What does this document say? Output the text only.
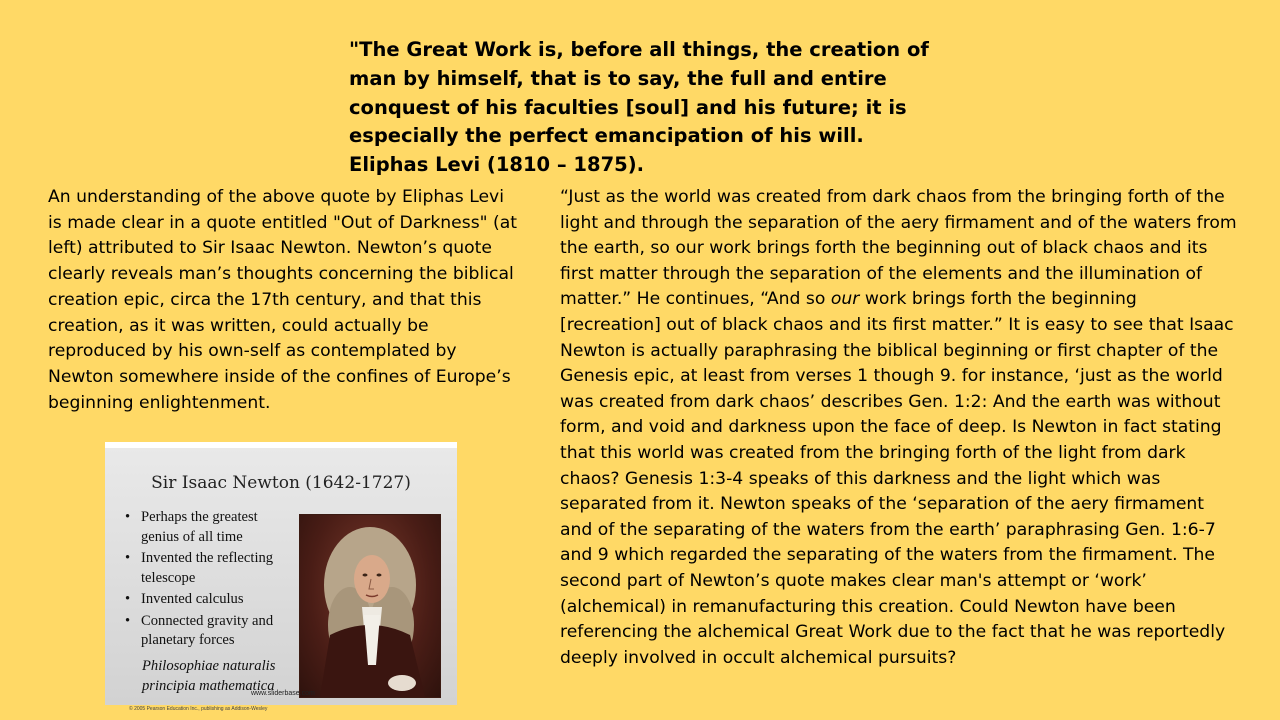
"The Great Work is, before all things, the creation of man by himself, that is to say, the full and entire conquest of his faculties [soul] and his future; it is especially the perfect emancipation of his will. Eliphas Levi (1810 – 1875).

An understanding of the above quote by Eliphas Levi is made clear in a quote entitled "Out of Darkness" (at left) attributed to Sir Isaac Newton. Newton’s quote clearly reveals man’s thoughts concerning the biblical creation epic, circa the 17th century, and that this creation, as it was written, could actually be reproduced by his own-self as contemplated by Newton somewhere inside of the confines of Europe’s beginning enlightenment.

“Just as the world was created from dark chaos from the bringing forth of the light and through the separation of the aery firmament and of the waters from the earth, so our work brings forth the beginning out of black chaos and its first matter through the separation of the elements and the illumination of matter.” He continues, “And so our work brings forth the beginning [recreation] out of black chaos and its first matter.” It is easy to see that Isaac Newton is actually paraphrasing the biblical beginning or first chapter of the Genesis epic, at least from verses 1 though 9. for instance, ‘just as the world was created from dark chaos’ describes Gen. 1:2: And the earth was without form, and void and darkness upon the face of deep. Is Newton in fact stating that this world was created from the bringing forth of the light from dark chaos? Genesis 1:3-4 speaks of this darkness and the light which was separated from it. Newton speaks of the ‘separation of the aery firmament and of the separating of the waters from the earth’ paraphrasing Gen. 1:6-7 and 9 which regarded the separating of the waters from the firmament. The second part of Newton’s quote makes clear man's attempt or ‘work’ (alchemical) in remanufacturing this creation. Could Newton have been referencing the alchemical Great Work due to the fact that he was reportedly deeply involved in occult alchemical pursuits?

Sir Isaac Newton (1642-1727)
• Perhaps the greatest genius of all time
• Invented the reflecting telescope
• Invented calculus
• Connected gravity and planetary forces
Philosophiae naturalis principia mathematica
www.sliderbase.com
© 2005 Pearson Education Inc., publishing as Addison-Wesley
